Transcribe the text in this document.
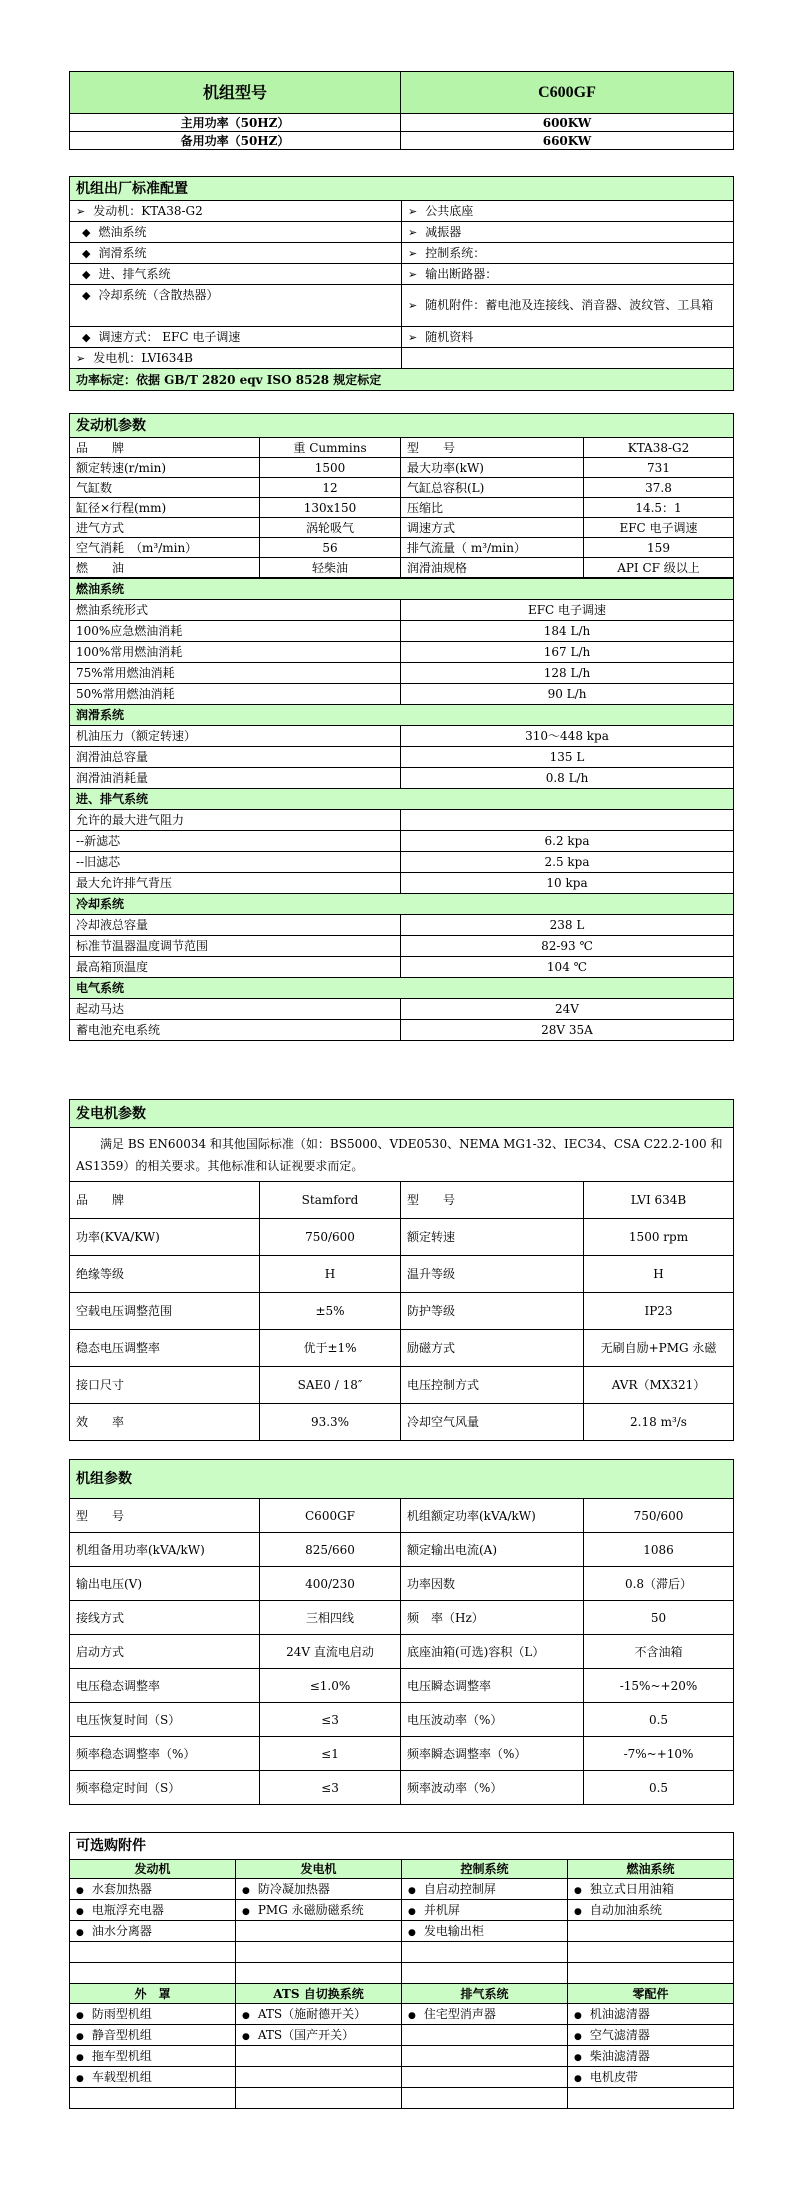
机组型号	C600GF
主用功率（50HZ）	600KW
备用功率（50HZ）	660KW
机组出厂标准配置	
➢ 发动机：KTA38-G2	➢ 公共底座
◆ 燃油系统	➢ 减振器
◆ 润滑系统	➢ 控制系统：
◆ 进、排气系统	➢ 输出断路器：
◆ 冷却系统（含散热器）	➢ 随机附件：蓄电池及连接线、消音器、波纹管、工具箱
◆ 调速方式： EFC 电子调速	➢ 随机资料
➢ 发电机：LVI634B	
功率标定：依据 GB/T 2820 eqv ISO 8528 规定标定	
发动机参数			
品　　牌	重 Cummins	型　　号	KTA38-G2
额定转速(r/min)	1500	最大功率(kW)	731
气缸数	12	气缸总容积(L)	37.8
缸径×行程(mm)	130x150	压缩比	14.5：1
进气方式	涡轮吸气	调速方式	EFC 电子调速
空气消耗　（m³/min）	56	排气流量（ m³/min）	159
燃　　油	轻柴油	润滑油规格	API CF 级以上
燃油系统	
燃油系统形式	EFC 电子调速
100%应急燃油消耗	184 L/h
100%常用燃油消耗	167 L/h
75%常用燃油消耗	128 L/h
50%常用燃油消耗	90 L/h
润滑系统	
机油压力（额定转速）	310～448 kpa
润滑油总容量	135 L
润滑油消耗量	0.8 L/h
进、排气系统	
允许的最大进气阻力	
--新滤芯	6.2 kpa
--旧滤芯	2.5 kpa
最大允许排气背压	10 kpa
冷却系统	
冷却液总容量	238 L
标准节温器温度调节范围	82-93 ℃
最高箱顶温度	104 ℃
电气系统	
起动马达	24V
蓄电池充电系统	28V 35A
发电机参数			
满足 BS EN60034 和其他国际标准（如：BS5000、VDE0530、NEMA MG1-32、IEC34、CSA C22.2-100 和 AS1359）的相关要求。其他标准和认证视要求而定。			
品　　牌	Stamford	型　　号	LVI 634B
功率(KVA/KW)	750/600	额定转速	1500 rpm
绝缘等级	H	温升等级	H
空载电压调整范围	±5%	防护等级	IP23
稳态电压调整率	优于±1%	励磁方式	无刷自励+PMG 永磁
接口尺寸	SAE0 / 18″	电压控制方式	AVR（MX321）
效　　率	93.3%	冷却空气风量	2.18 m³/s
机组参数			
型　　号	C600GF	机组额定功率(kVA/kW)	750/600
机组备用功率(kVA/kW)	825/660	额定输出电流(A)	1086
输出电压(V)	400/230	功率因数	0.8（滞后）
接线方式	三相四线	频　率（Hz）	50
启动方式	24V 直流电启动	底座油箱(可选)容积（L）	不含油箱
电压稳态调整率	≤1.0%	电压瞬态调整率	-15%~+20%
电压恢复时间（S）	≤3	电压波动率（%）	0.5
频率稳态调整率（%）	≤1	频率瞬态调整率（%）	-7%~+10%
频率稳定时间（S）	≤3	频率波动率（%）	0.5
可选购附件			
发动机	发电机	控制系统	燃油系统
● 水套加热器	● 防冷凝加热器	● 自启动控制屏	● 独立式日用油箱
● 电瓶浮充电器	● PMG 永磁励磁系统	● 并机屏	● 自动加油系统
● 油水分离器		● 发电输出柜	

外　罩	ATS 自切换系统	排气系统	零配件
● 防雨型机组	● ATS（施耐德开关）	● 住宅型消声器	● 机油滤清器
● 静音型机组	● ATS（国产开关）		● 空气滤清器
● 拖车型机组			● 柴油滤清器
● 车载型机组			● 电机皮带
